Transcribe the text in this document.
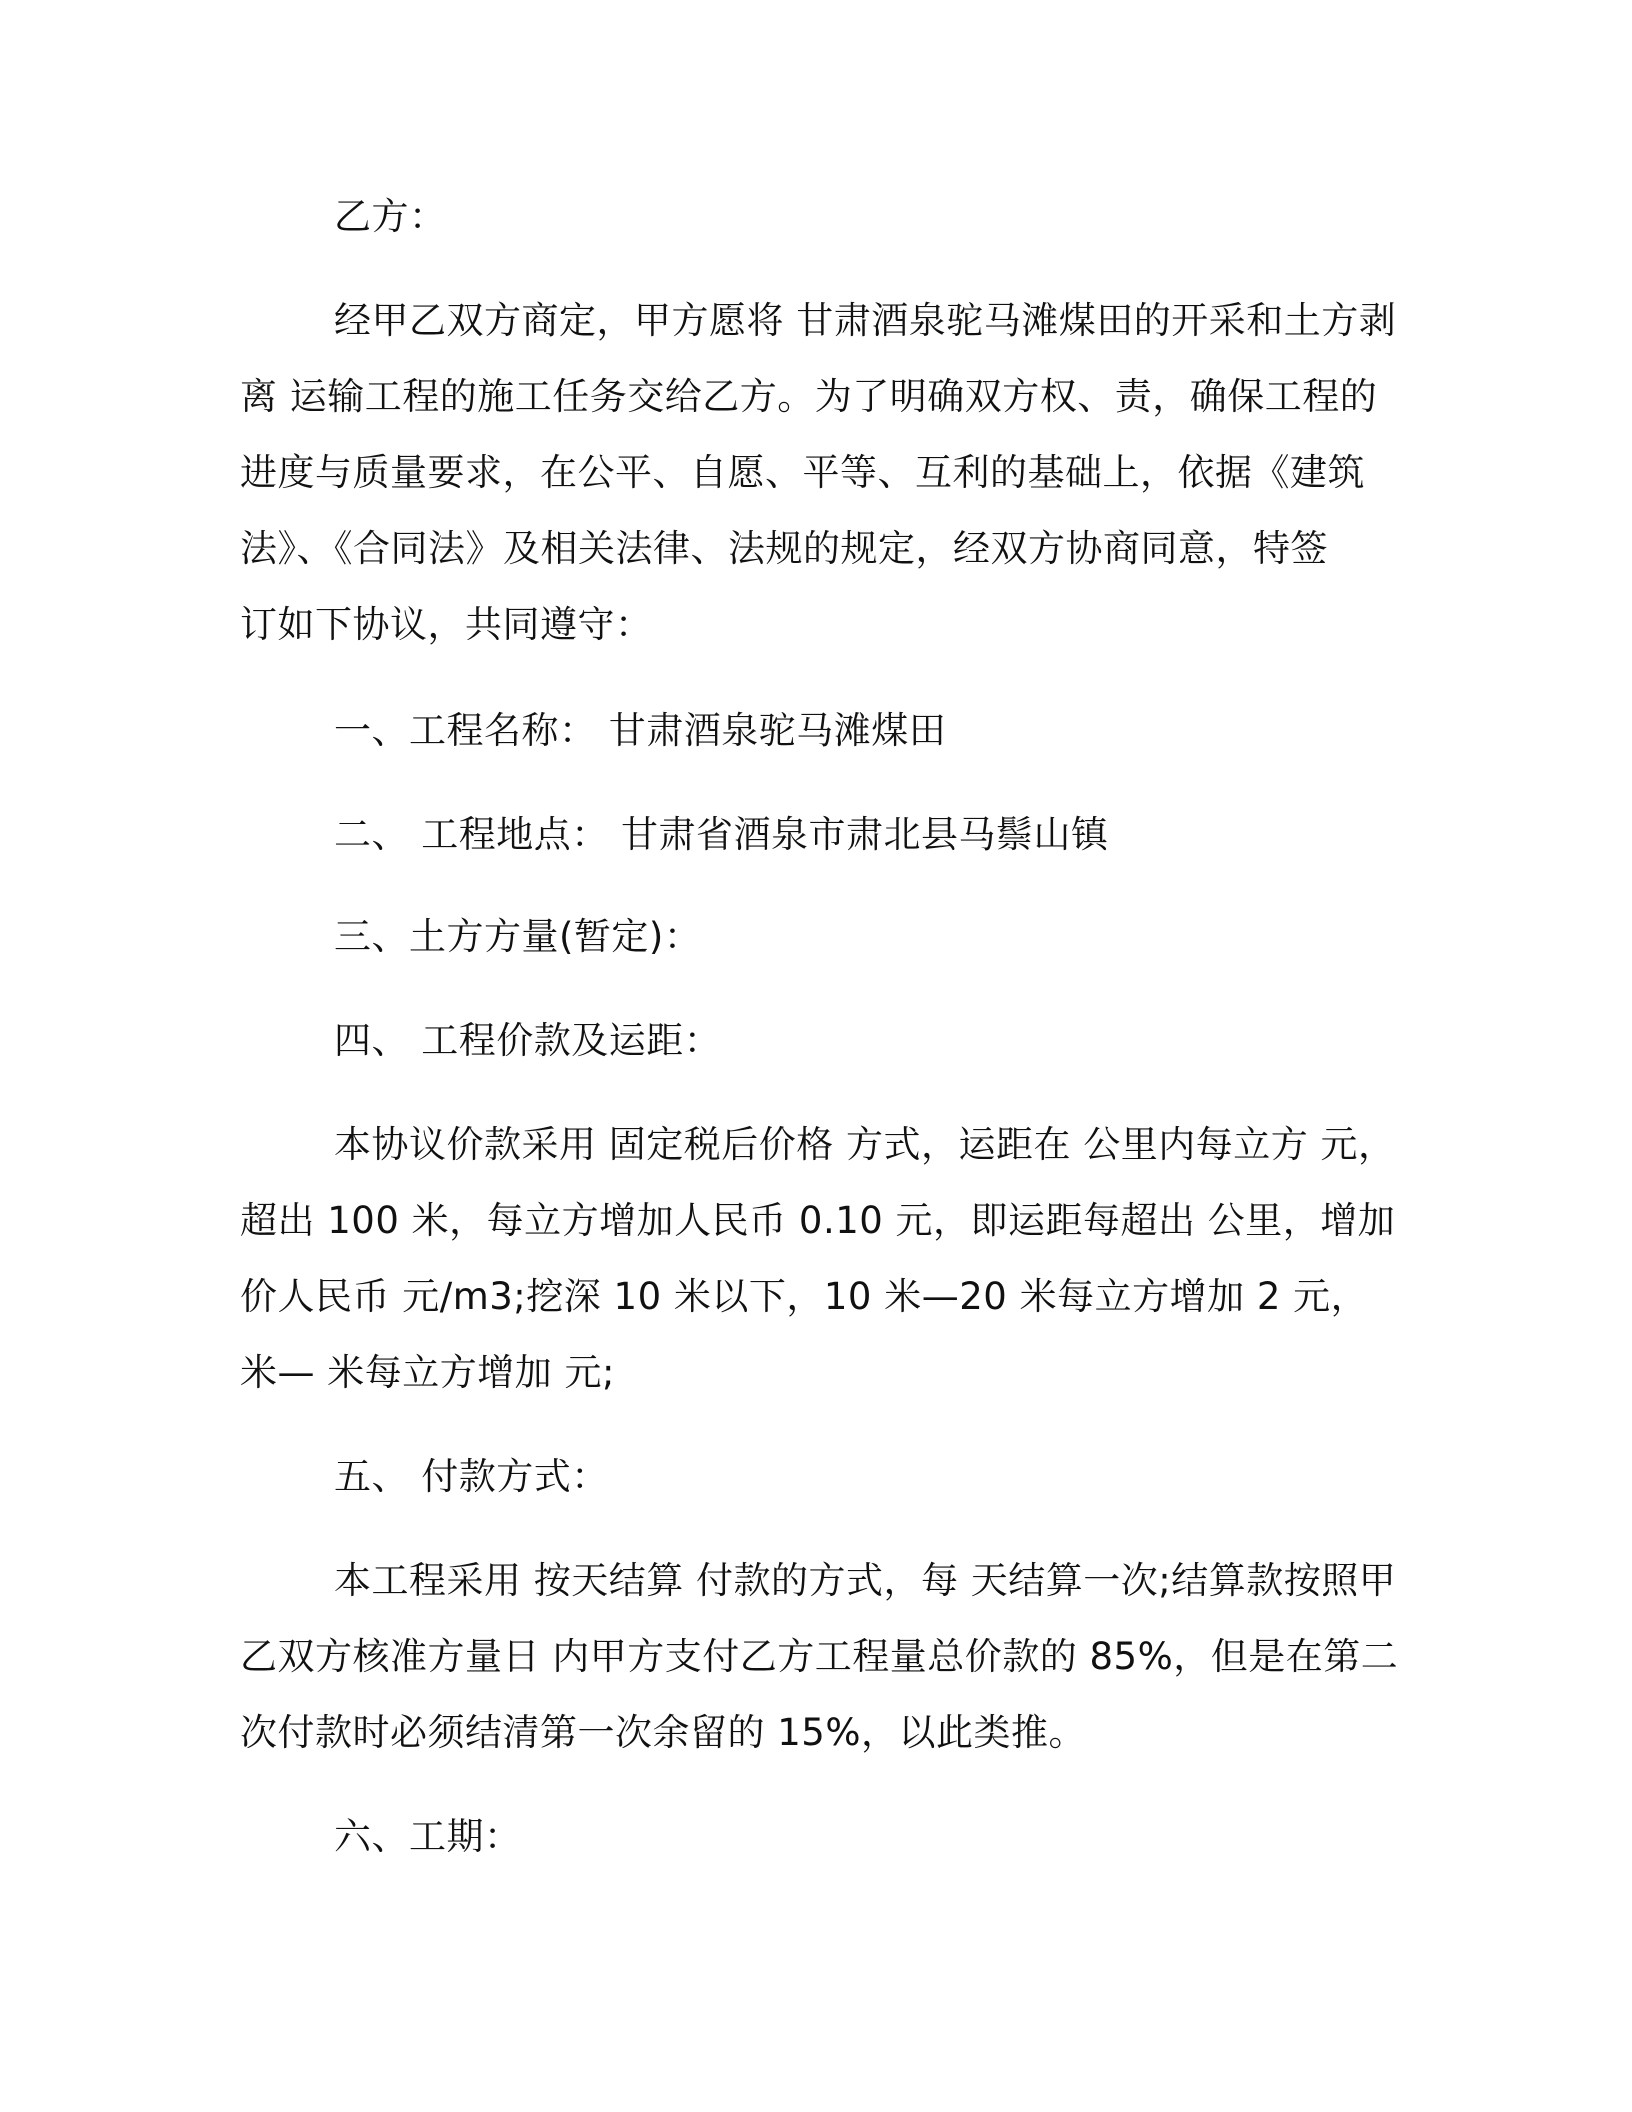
乙方：
经甲乙双方商定，甲方愿将 甘肃酒泉驼马滩煤田的开采和土方剥
离 运输工程的施工任务交给乙方。为了明确双方权、责，确保工程的
进度与质量要求，在公平、自愿、平等、互利的基础上，依据《建筑
法》、《合同法》及相关法律、法规的规定，经双方协商同意，特签
订如下协议，共同遵守：
一、工程名称： 甘肃酒泉驼马滩煤田
二、 工程地点： 甘肃省酒泉市肃北县马鬃山镇
三、土方方量(暂定)：
四、 工程价款及运距：
本协议价款采用 固定税后价格 方式，运距在 公里内每立方 元，
超出 100 米，每立方增加人民币 0.10 元，即运距每超出 公里，增加
价人民币 元/m3;挖深 10 米以下，10 米—20 米每立方增加 2 元，
米— 米每立方增加 元;
五、 付款方式：
本工程采用 按天结算 付款的方式，每 天结算一次;结算款按照甲
乙双方核准方量日 内甲方支付乙方工程量总价款的 85%，但是在第二
次付款时必须结清第一次余留的 15%，以此类推。
六、工期：
